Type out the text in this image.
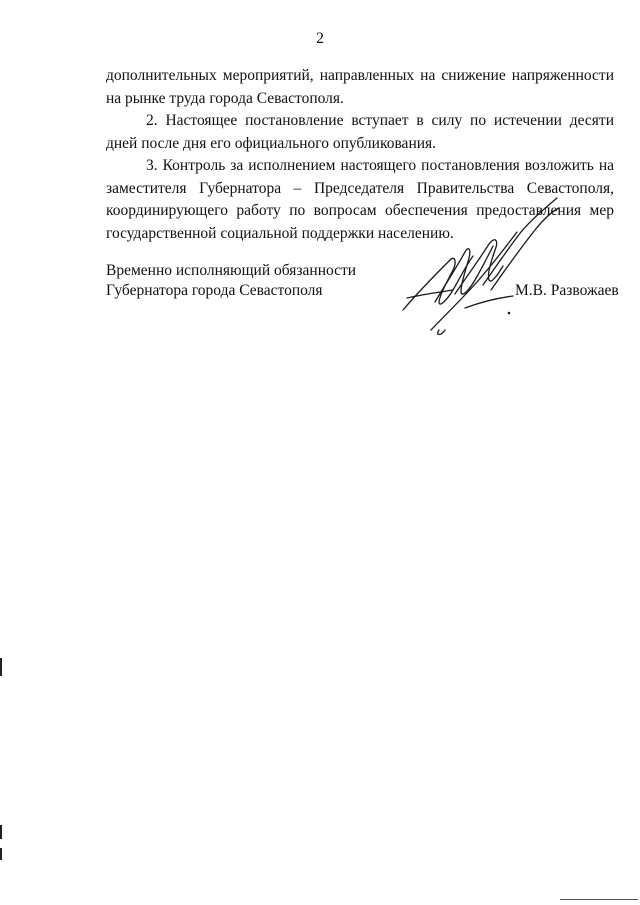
2

дополнительных мероприятий, направленных на снижение напряженности на рынке труда города Севастополя.

2. Настоящее постановление вступает в силу по истечении десяти дней после дня его официального опубликования.

3. Контроль за исполнением настоящего постановления возложить на заместителя Губернатора – Председателя Правительства Севастополя, координирующего работу по вопросам обеспечения предоставления мер государственной социальной поддержки населению.

Временно исполняющий обязанности
Губернатора города Севастополя	М.В. Развожаев
